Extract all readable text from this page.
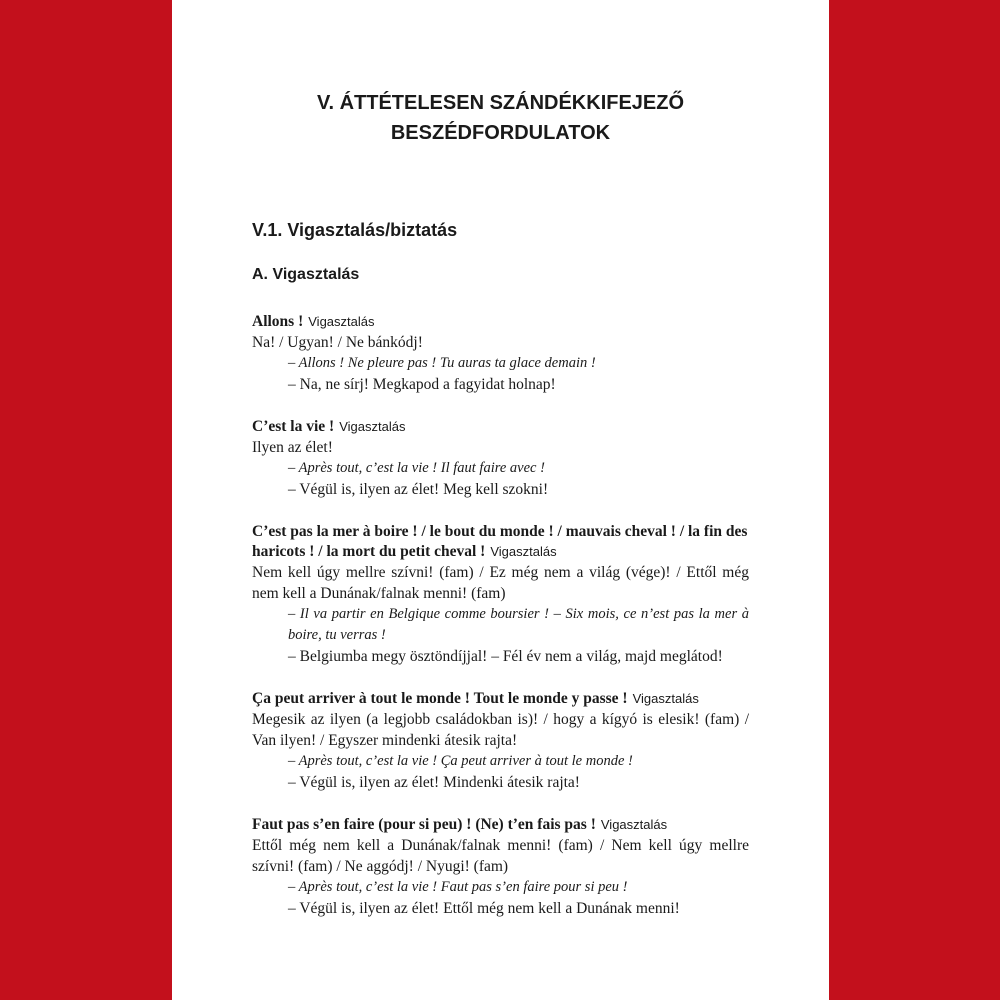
V. ÁTTÉTELESEN SZÁNDÉKKIFEJEZŐ
BESZÉDFORDULATOK
V.1. Vigasztalás/biztatás
A. Vigasztalás

Allons ! Vigasztalás

Na! / Ugyan! / Ne bánkódj!

– Allons ! Ne pleure pas ! Tu auras ta glace demain !

– Na, ne sírj! Megkapod a fagyidat holnap!

C’est la vie ! Vigasztalás

Ilyen az élet!

– Après tout, c’est la vie ! Il faut faire avec !

– Végül is, ilyen az élet! Meg kell szokni!

C’est pas la mer à boire ! / le bout du monde ! / mauvais cheval ! / la fin des haricots ! / la mort du petit cheval ! Vigasztalás

Nem kell úgy mellre szívni! (fam) / Ez még nem a világ (vége)! / Ettől még nem kell a Dunának/falnak menni! (fam)

– Il va partir en Belgique comme boursier ! – Six mois, ce n’est pas la mer à boire, tu verras !

– Belgiumba megy ösztöndíjjal! – Fél év nem a világ, majd meglátod!

Ça peut arriver à tout le monde ! Tout le monde y passe ! Vigasztalás

Megesik az ilyen (a legjobb családokban is)! / hogy a kígyó is elesik! (fam) / Van ilyen! / Egyszer mindenki átesik rajta!

– Après tout, c’est la vie ! Ça peut arriver à tout le monde !

– Végül is, ilyen az élet! Mindenki átesik rajta!

Faut pas s’en faire (pour si peu) ! (Ne) t’en fais pas ! Vigasztalás

Ettől még nem kell a Dunának/falnak menni! (fam) / Nem kell úgy mellre szívni! (fam) / Ne aggódj! / Nyugi! (fam)

– Après tout, c’est la vie ! Faut pas s’en faire pour si peu !

– Végül is, ilyen az élet! Ettől még nem kell a Dunának menni!
